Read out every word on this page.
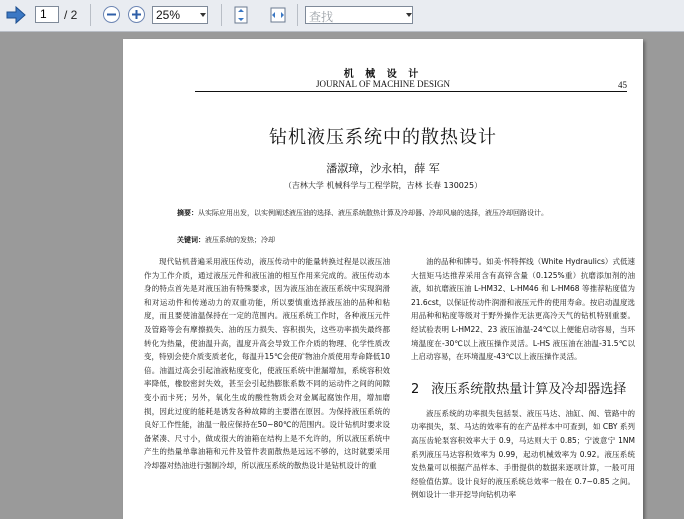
1	/ 2	25%	查找
机 械 设 计
JOURNAL OF MACHINE DESIGN	45
钻机液压系统中的散热设计
潘淑璋，沙永柏，薛 军
（吉林大学 机械科学与工程学院，吉林 长春 130025）
摘要：从实际应用出发，以实例阐述液压油的选择、液压系统散热计算及冷却器、冷却风扇的选择，液压冷却回路设计。
关键词：液压系统的发热；冷却

现代钻机普遍采用液压传动，液压传动中的能量转换过程是以液压油作为工作介质，通过液压元件和液压油的相互作用来完成的。液压传动本身的特点首先是对液压油有特殊要求，因为液压油在液压系统中实现润滑和对运动件和传递动力的双重功能，所以要慎重选择液压油的品种和粘度，而且要使油温保持在一定的范围内。液压系统工作时，各种液压元件及管路等会有摩擦损失、油的压力损失、容积损失，这些功率损失最终都转化为热量，使油温升高，温度升高会导致工作介质的物理、化学性质改变，特别会使介质变质老化，每温升15℃会使矿物油介质使用寿命降低10倍。油温过高会引起油液粘度变化，使液压系统中泄漏增加，系统容积效率降低，橡胶密封失效，甚至会引起热膨胀系数不同的运动件之间的间隙变小而卡死；另外，氧化生成的酸性物质会对金属起腐蚀作用，增加磨损，因此过度的能耗是诱发各种故障的主要潜在原因。为保持液压系统的良好工作性能，油温一般应保持在50~80℃的范围内。设计钻机时要求设备紧凑、尺寸小，做成很大的油箱在结构上是不允许的，所以液压系统中产生的热量单靠油箱和元件及管件表面散热是远远不够的，这时就要采用冷却器对热油进行强制冷却，所以液压系统的散热设计是钻机设计的重

油的品种和牌号。如美·怀特挥线（White Hydraulics）式低速大扭矩马达推荐采用含有高锌含量（0.125%重）抗磨添加剂的油液，如抗磨液压油 L-HM32、L-HM46 和 L-HM68 等推荐粘度值为 21.6cst，以保证传动件润滑和液压元件的使用寿命。按启动温度选用品种和粘度等级对于野外操作无法更高冷天气的钻机特别重要。经试验表明 L-HM22、23 液压油温-24℃以上便能启动容易，当环境温度在-30℃以上液压操作灵活。L-HS 液压油在油温-31.5℃以上启动容易，在环境温度-43℃以上液压操作灵活。

2 液压系统散热量计算及冷却器选择

液压系统的功率损失包括泵、液压马达、油缸、阀、管路中的功率损失，泵、马达的效率有的在产品样本中可查到，如 CBY 系列高压齿轮泵容积效率大于 0.9，马达则大于 0.85；宁波意宁 1NM 系列液压马达容积效率为 0.99，起动机械效率为 0.92。液压系统发热量可以根据产品样本、手册提供的数据来逐项计算，一般可用经验值估算。设计良好的液压系统总效率一般在 0.7~0.85 之间。例如设计一非开挖导向钻机功率
